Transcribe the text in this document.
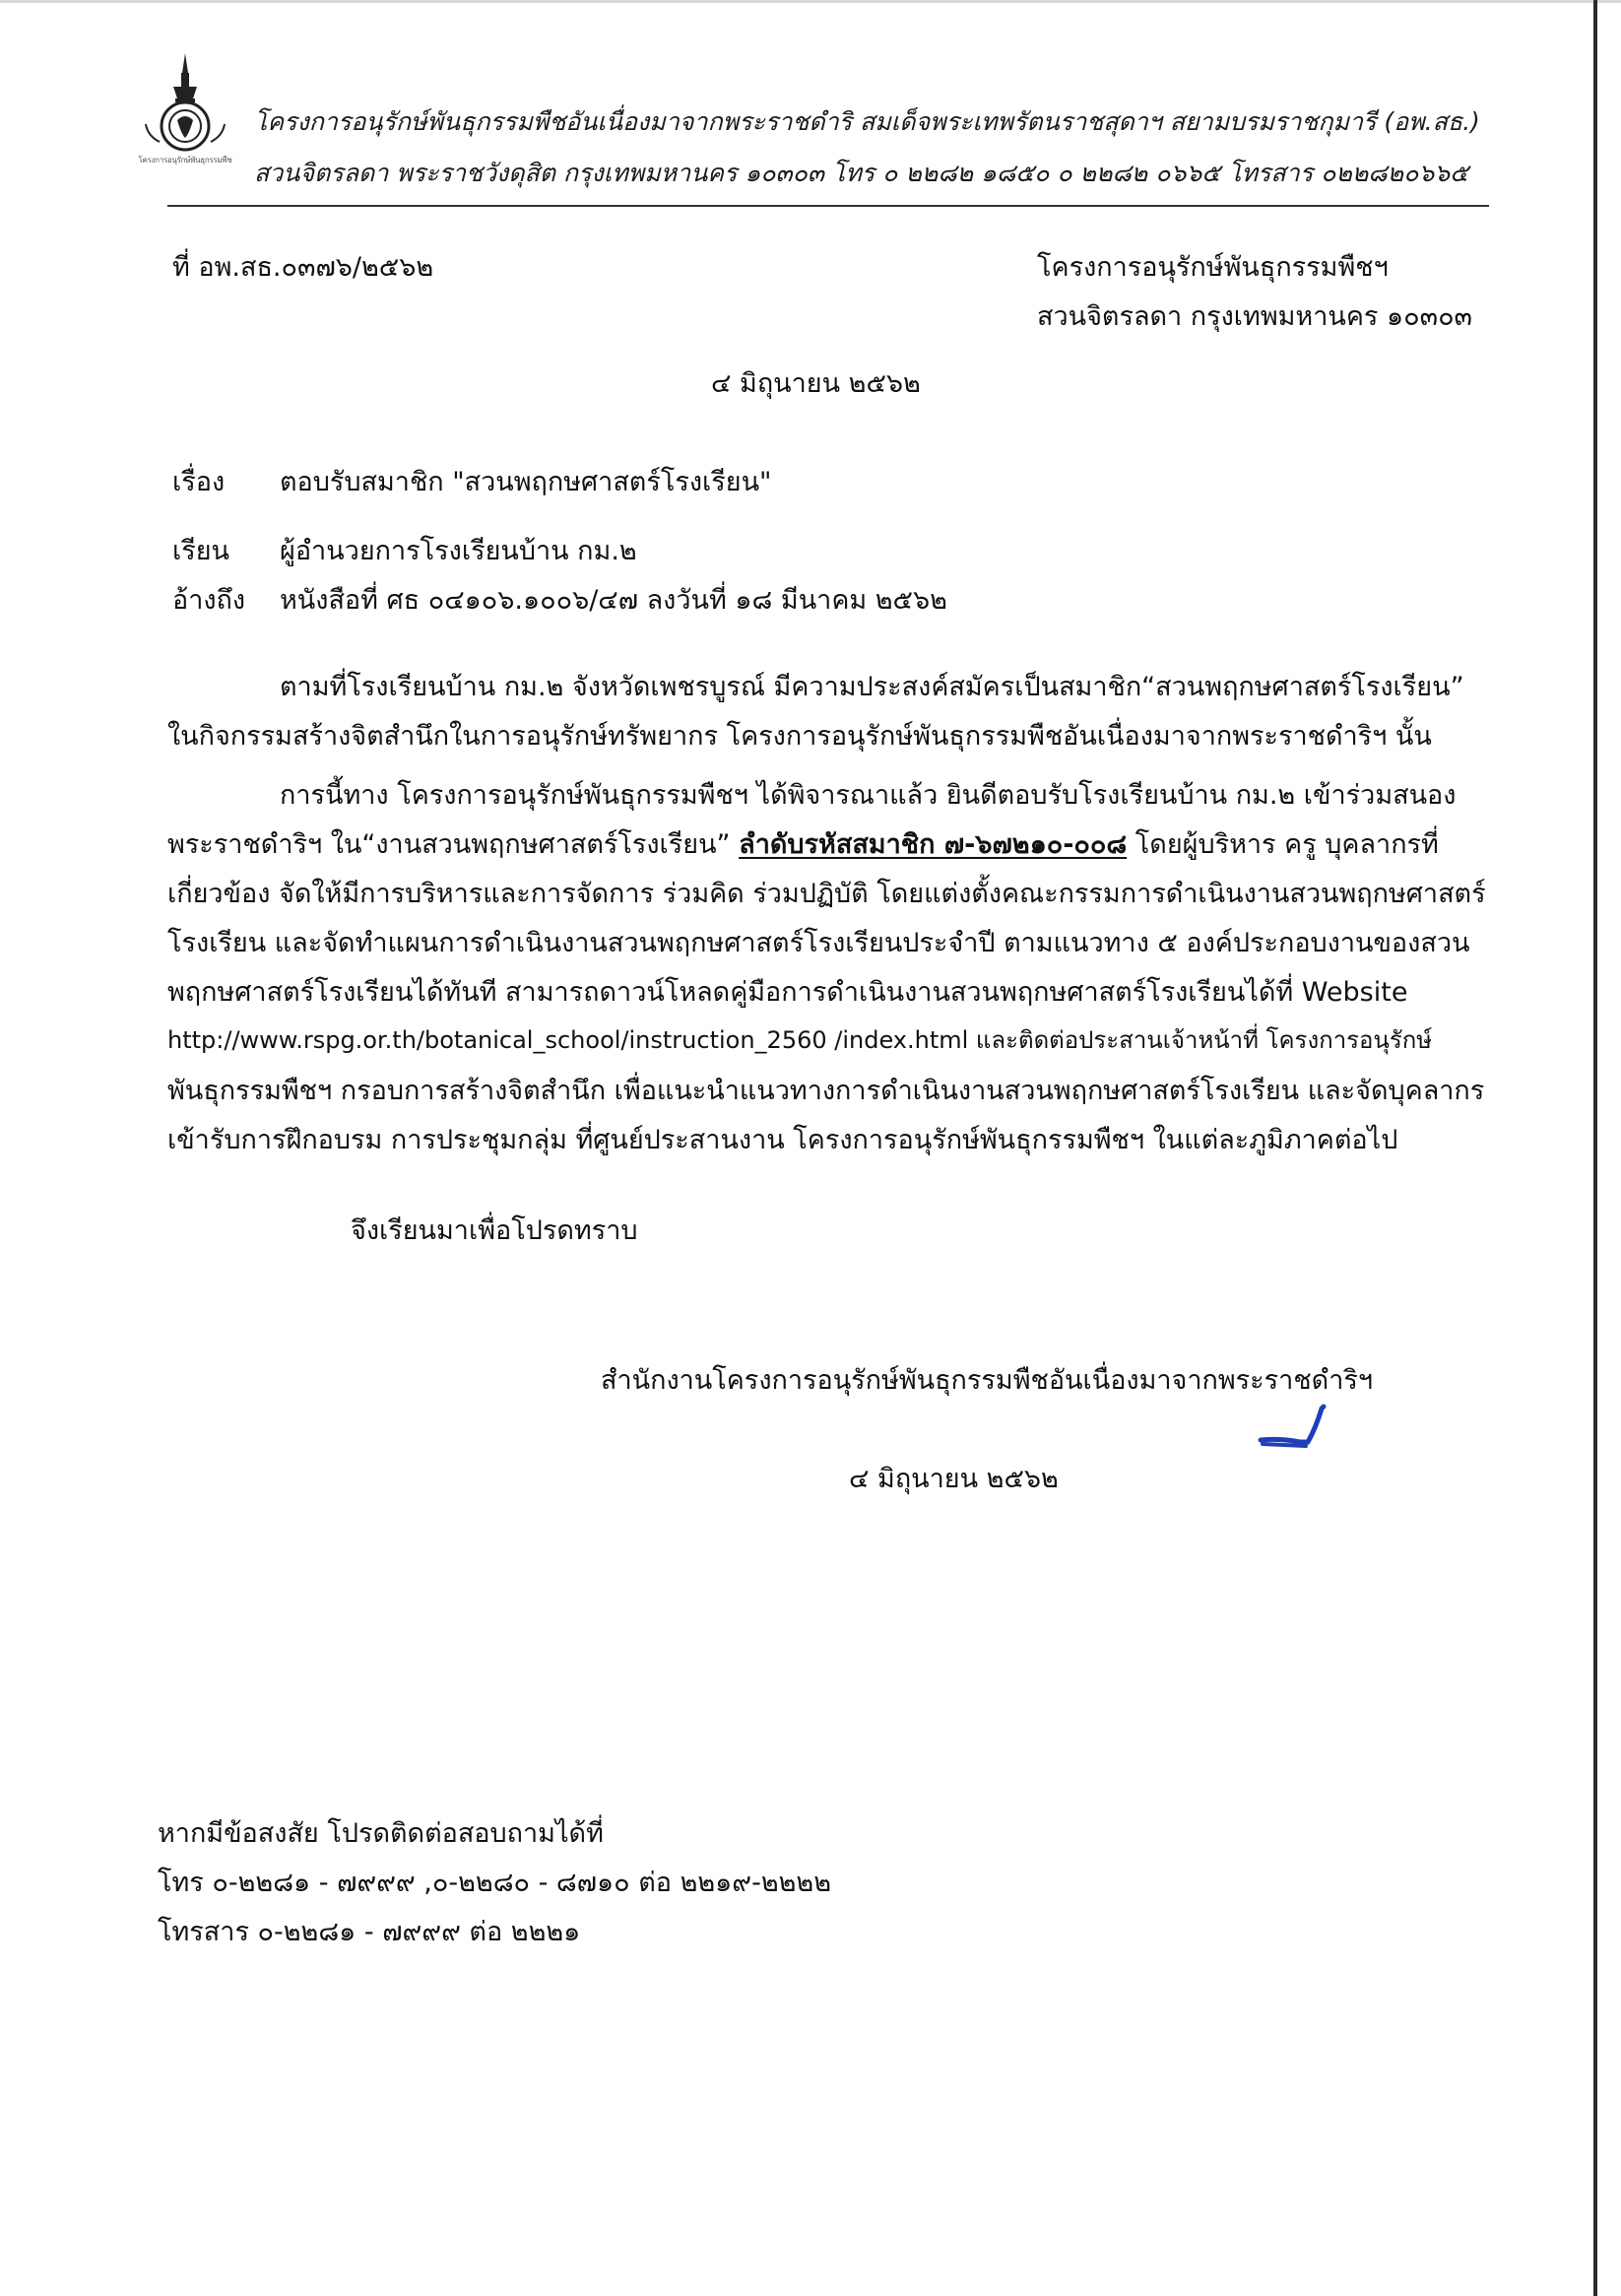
โครงการอนุรักษ์พันธุกรรมพืช
โครงการอนุรักษ์พันธุกรรมพืชอันเนื่องมาจากพระราชดำริ สมเด็จพระเทพรัตนราชสุดาฯ สยามบรมราชกุมารี (อพ.สธ.)
สวนจิตรลดา พระราชวังดุสิต กรุงเทพมหานคร ๑๐๓๐๓ โทร ๐ ๒๒๘๒ ๑๘๕๐ ๐ ๒๒๘๒ ๐๖๖๕ โทรสาร ๐๒๒๘๒๐๖๖๕
ที่ อพ.สธ.๐๓๗๖/๒๕๖๒	โครงการอนุรักษ์พันธุกรรมพืชฯ
สวนจิตรลดา กรุงเทพมหานคร ๑๐๓๐๓
๔ มิถุนายน ๒๕๖๒
เรื่อง ตอบรับสมาชิก "สวนพฤกษศาสตร์โรงเรียน"
เรียน ผู้อำนวยการโรงเรียนบ้าน กม.๒
อ้างถึง หนังสือที่ ศธ ๐๔๑๐๖.๑๐๐๖/๔๗ ลงวันที่ ๑๘ มีนาคม ๒๕๖๒
ตามที่โรงเรียนบ้าน กม.๒ จังหวัดเพชรบูรณ์ มีความประสงค์สมัครเป็นสมาชิก“สวนพฤกษศาสตร์โรงเรียน”
ในกิจกรรมสร้างจิตสำนึกในการอนุรักษ์ทรัพยากร โครงการอนุรักษ์พันธุกรรมพืชอันเนื่องมาจากพระราชดำริฯ นั้น
การนี้ทาง โครงการอนุรักษ์พันธุกรรมพืชฯ ได้พิจารณาแล้ว ยินดีตอบรับโรงเรียนบ้าน กม.๒ เข้าร่วมสนอง
พระราชดำริฯ ใน“งานสวนพฤกษศาสตร์โรงเรียน” ลำดับรหัสสมาชิก ๗-๖๗๒๑๐-๐๐๘ โดยผู้บริหาร ครู บุคลากรที่
เกี่ยวข้อง จัดให้มีการบริหารและการจัดการ ร่วมคิด ร่วมปฏิบัติ โดยแต่งตั้งคณะกรรมการดำเนินงานสวนพฤกษศาสตร์
โรงเรียน และจัดทำแผนการดำเนินงานสวนพฤกษศาสตร์โรงเรียนประจำปี ตามแนวทาง ๕ องค์ประกอบงานของสวน
พฤกษศาสตร์โรงเรียนได้ทันที สามารถดาวน์โหลดคู่มือการดำเนินงานสวนพฤกษศาสตร์โรงเรียนได้ที่ Website
http://www.rspg.or.th/botanical_school/instruction_2560 /index.html และติดต่อประสานเจ้าหน้าที่ โครงการอนุรักษ์
พันธุกรรมพืชฯ กรอบการสร้างจิตสำนึก เพื่อแนะนำแนวทางการดำเนินงานสวนพฤกษศาสตร์โรงเรียน และจัดบุคลากร
เข้ารับการฝึกอบรม การประชุมกลุ่ม ที่ศูนย์ประสานงาน โครงการอนุรักษ์พันธุกรรมพืชฯ ในแต่ละภูมิภาคต่อไป
จึงเรียนมาเพื่อโปรดทราบ
สำนักงานโครงการอนุรักษ์พันธุกรรมพืชอันเนื่องมาจากพระราชดำริฯ
๔ มิถุนายน ๒๕๖๒
หากมีข้อสงสัย โปรดติดต่อสอบถามได้ที่
โทร ๐-๒๒๘๑ - ๗๙๙๙ ,๐-๒๒๘๐ - ๘๗๑๐ ต่อ ๒๒๑๙-๒๒๒๒
โทรสาร ๐-๒๒๘๑ - ๗๙๙๙ ต่อ ๒๒๒๑
